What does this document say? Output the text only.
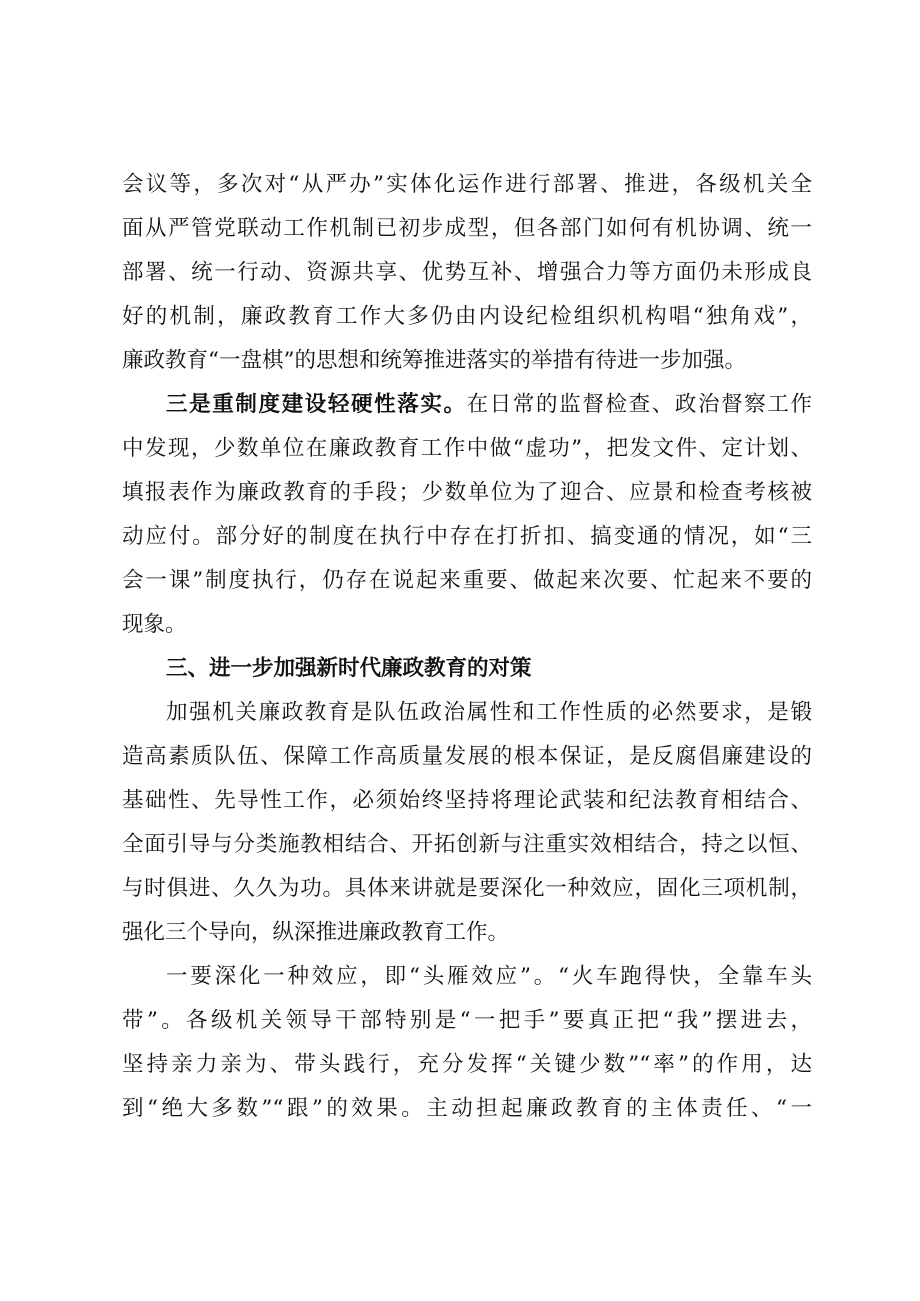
会议等，多次对“从严办”实体化运作进行部署、推进，各级机关全
面从严管党联动工作机制已初步成型，但各部门如何有机协调、统一
部署、统一行动、资源共享、优势互补、增强合力等方面仍未形成良
好的机制，廉政教育工作大多仍由内设纪检组织机构唱“独角戏”，
廉政教育“一盘棋”的思想和统筹推进落实的举措有待进一步加强。
三是重制度建设轻硬性落实。在日常的监督检查、政治督察工作
中发现，少数单位在廉政教育工作中做“虚功”，把发文件、定计划、
填报表作为廉政教育的手段；少数单位为了迎合、应景和检查考核被
动应付。部分好的制度在执行中存在打折扣、搞变通的情况，如“三
会一课”制度执行，仍存在说起来重要、做起来次要、忙起来不要的
现象。
三、进一步加强新时代廉政教育的对策
加强机关廉政教育是队伍政治属性和工作性质的必然要求，是锻
造高素质队伍、保障工作高质量发展的根本保证，是反腐倡廉建设的
基础性、先导性工作，必须始终坚持将理论武装和纪法教育相结合、
全面引导与分类施教相结合、开拓创新与注重实效相结合，持之以恒、
与时俱进、久久为功。具体来讲就是要深化一种效应，固化三项机制，
强化三个导向，纵深推进廉政教育工作。
一要深化一种效应，即“头雁效应”。“火车跑得快，全靠车头
带”。各级机关领导干部特别是“一把手”要真正把“我”摆进去，
坚持亲力亲为、带头践行，充分发挥“关键少数”“率”的作用，达
到“绝大多数”“跟”的效果。主动担起廉政教育的主体责任、“一
